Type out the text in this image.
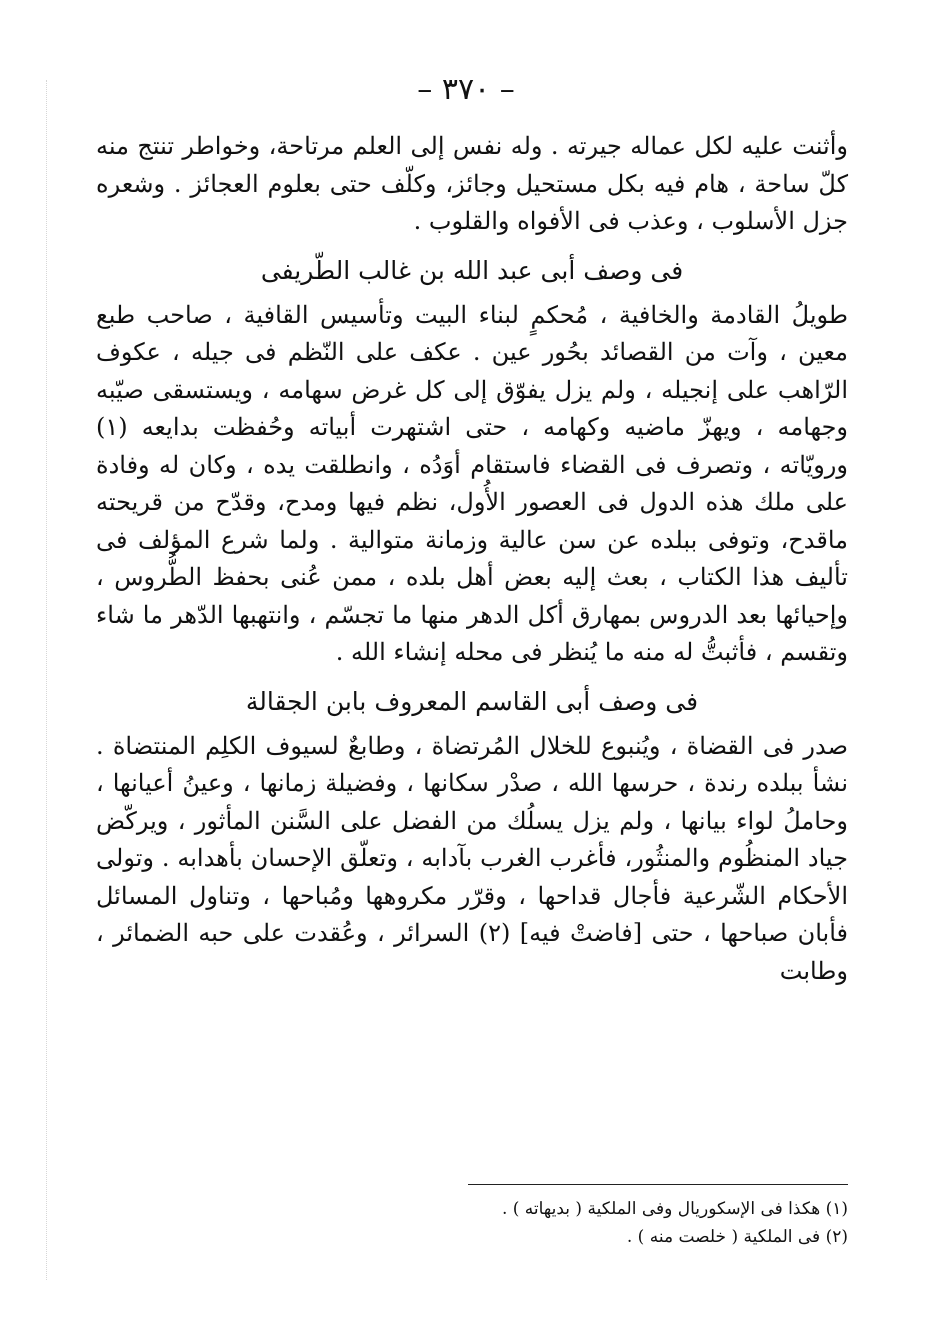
– ٣٧٠ –

وأثنت عليه لكل عماله جيرته . وله نفس إلى العلم مرتاحة، وخواطر تنتج منه كلّ ساحة ، هام فيه بكل مستحيل وجائز، وكلّف حتى بعلوم العجائز . وشعره جزل الأسلوب ، وعذب فى الأفواه والقلوب .

فى وصف أبى عبد الله بن غالب الطّريفى

طويلُ القادمة والخافية ، مُحكمٍ لبناء البيت وتأسيس القافية ، صاحب طبع معين ، وآت من القصائد بحُور عين . عكف على النّظم فى جيله ، عكوف الرّاهب على إنجيله ، ولم يزل يفوّق إلى كل غرض سهامه ، ويستسقى صيّبه وجهامه ، ويهزّ ماضيه وكهامه ، حتى اشتهرت أبياته وحُفظت بدايعه (١) ورويّاته ، وتصرف فى القضاء فاستقام أوَدُه ، وانطلقت يده ، وكان له وفادة على ملك هذه الدول فى العصور الأُول، نظم فيها ومدح، وقدّح من قريحته ماقدح، وتوفى ببلده عن سن عالية وزمانة متوالية . ولما شرع المؤلف فى تأليف هذا الكتاب ، بعث إليه بعض أهل بلده ، ممن عُنى بحفظ الطُّروس ، وإحيائها بعد الدروس بمهارق أكل الدهر منها ما تجسّم ، وانتهبها الدّهر ما شاء وتقسم ، فأثبتُّ له منه ما يُنظر فى محله إنشاء الله .

فى وصف أبى القاسم المعروف بابن الجقالة

صدر فى القضاة ، ويُنبوع للخلال المُرتضاة ، وطابعٌ لسيوف الكلِم المنتضاة . نشأ ببلده رندة ، حرسها الله ، صدْر سكانها ، وفضيلة زمانها ، وعينُ أعيانها ، وحاملُ لواء بيانها ، ولم يزل يسلُك من الفضل على السَّنن المأثور ، ويركّض جياد المنظُوم والمنثُور، فأغرب الغرب بآدابه ، وتعلّق الإحسان بأهدابه . وتولى الأحكام الشّرعية فأجال قداحها ، وقرّر مكروهها ومُباحها ، وتناول المسائل فأبان صباحها ، حتى [فاضتْ فيه] (٢) السرائر ، وعُقدت على حبه الضمائر ، وطابت

(١) هكذا فى الإسكوريال وفى الملكية ( بديهاته ) .

(٢) فى الملكية ( خلصت منه ) .
